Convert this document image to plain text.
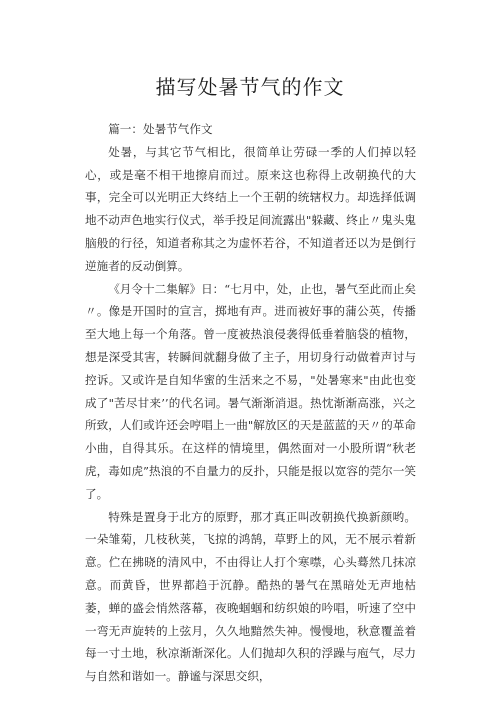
描写处暑节气的作文

篇一：处暑节气作文

处暑，与其它节气相比，很简单让劳碌一季的人们掉以轻心，或是毫不相干地擦肩而过。原来这也称得上改朝换代的大事，完全可以光明正大终结上一个王朝的统辖权力。却选择低调地不动声色地实行仪式，举手投足间流露出"躲藏、终止〃鬼头鬼脑般的行径，知道者称其之为虚怀若谷，不知道者还以为是倒行逆施者的反动倒算。

《月令十二集解》日：“七月中，处，止也，暑气至此而止矣〃。像是开国时的宣言，掷地有声。进而被好事的蒲公英，传播至大地上每一个角落。曾一度被热浪侵袭得低垂着脑袋的植物，想是深受其害，转瞬间就翻身做了主子，用切身行动做着声讨与控诉。又或许是自知华蜜的生活来之不易，"处暑寒来"由此也变成了"苦尽甘来’’的代名词。暑气渐渐消退。热忱渐渐高涨，兴之所致，人们或许还会哼唱上一曲"解放区的天是蓝蓝的天〃的革命小曲，自得其乐。在这样的情境里，偶然面对一小股所谓“秋老虎，毒如虎”热浪的不自量力的反扑，只能是报以宽容的莞尔一笑了。

特殊是置身于北方的原野，那才真正叫改朝换代换新颜哟。一朵雏菊，几枝秋荚，飞掠的鸿鹄，草野上的风，无不展示着新意。伫在拂晓的清风中，不由得让人打个寒噤，心头蓦然几抹凉意。而黄昏，世界都趋于沉静。酷热的暑气在黑暗处无声地枯萎，蝉的盛会悄然落幕，夜晚蝈蝈和纺织娘的吟唱，听速了空中一弯无声旋转的上弦月，久久地黯然失神。慢慢地，秋意覆盖着每一寸土地，秋凉渐渐深化。人们抛却久积的浮躁与庖气，尽力与自然和谐如一。静谧与深思交织，
